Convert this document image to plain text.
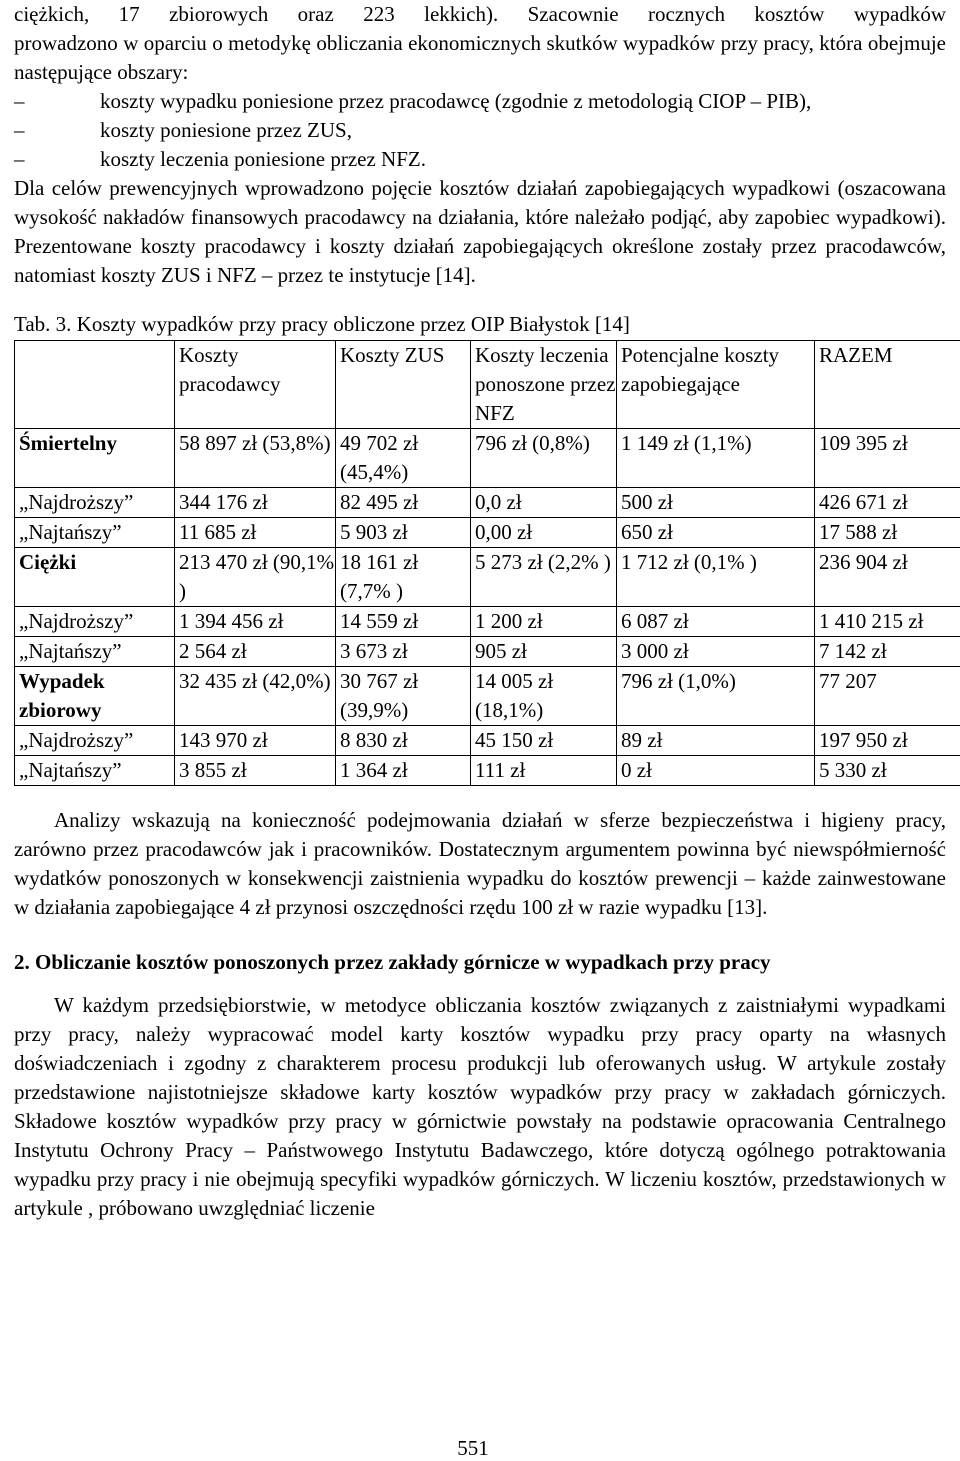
ciężkich, 17 zbiorowych oraz 223 lekkich). Szacownie rocznych kosztów wypadków

prowadzono w oparciu o metodykę obliczania ekonomicznych skutków wypadków przy pracy, która obejmuje następujące obszary:

–	koszty wypadku poniesione przez pracodawcę (zgodnie z metodologią CIOP – PIB),
–	koszty poniesione przez ZUS,
–	koszty leczenia poniesione przez NFZ.

Dla celów prewencyjnych wprowadzono pojęcie kosztów działań zapobiegających wypadkowi (oszacowana wysokość nakładów finansowych pracodawcy na działania, które należało podjąć, aby zapobiec wypadkowi). Prezentowane koszty pracodawcy i koszty działań zapobiegających określone zostały przez pracodawców, natomiast koszty ZUS i NFZ – przez te instytucje [14].

Tab. 3. Koszty wypadków przy pracy obliczone przez OIP Białystok [14]
	Koszty pracodawcy	Koszty ZUS	Koszty leczenia ponoszone przez NFZ	Potencjalne koszty zapobiegające	RAZEM
Śmiertelny	58 897 zł (53,8%)	49 702 zł (45,4%)	796 zł (0,8%)	1 149 zł (1,1%)	109 395 zł
„Najdroższy”	344 176 zł	82 495 zł	0,0 zł	500 zł	426 671 zł
„Najtańszy”	11 685 zł	5 903 zł	0,00 zł	650 zł	17 588 zł
Ciężki	213 470 zł (90,1% )	18 161 zł (7,7% )	5 273 zł (2,2% )	1 712 zł (0,1% )	236 904 zł
„Najdroższy”	1 394 456 zł	14 559 zł	1 200 zł	6 087 zł	1 410 215 zł
„Najtańszy”	2 564 zł	3 673 zł	905 zł	3 000 zł	7 142 zł
Wypadek zbiorowy	32 435 zł (42,0%)	30 767 zł (39,9%)	14 005 zł (18,1%)	796 zł (1,0%)	77 207
„Najdroższy”	143 970 zł	8 830 zł	45 150 zł	89 zł	197 950 zł
„Najtańszy”	3 855 zł	1 364 zł	111 zł	0 zł	5 330 zł

Analizy wskazują na konieczność podejmowania działań w sferze bezpieczeństwa i higieny pracy, zarówno przez pracodawców jak i pracowników. Dostatecznym argumentem powinna być niewspółmierność wydatków ponoszonych w konsekwencji zaistnienia wypadku do kosztów prewencji – każde zainwestowane w działania zapobiegające 4 zł przynosi oszczędności rzędu 100 zł w razie wypadku [13].

2. Obliczanie kosztów ponoszonych przez zakłady górnicze w wypadkach przy pracy

W każdym przedsiębiorstwie, w metodyce obliczania kosztów związanych z zaistniałymi wypadkami przy pracy, należy wypracować model karty kosztów wypadku przy pracy oparty na własnych doświadczeniach i zgodny z charakterem procesu produkcji lub oferowanych usług. W artykule zostały przedstawione najistotniejsze składowe karty kosztów wypadków przy pracy w zakładach górniczych. Składowe kosztów wypadków przy pracy w górnictwie powstały na podstawie opracowania Centralnego Instytutu Ochrony Pracy – Państwowego Instytutu Badawczego, które dotyczą ogólnego potraktowania wypadku przy pracy i nie obejmują specyfiki wypadków górniczych. W liczeniu kosztów, przedstawionych w artykule , próbowano uwzględniać liczenie

551
